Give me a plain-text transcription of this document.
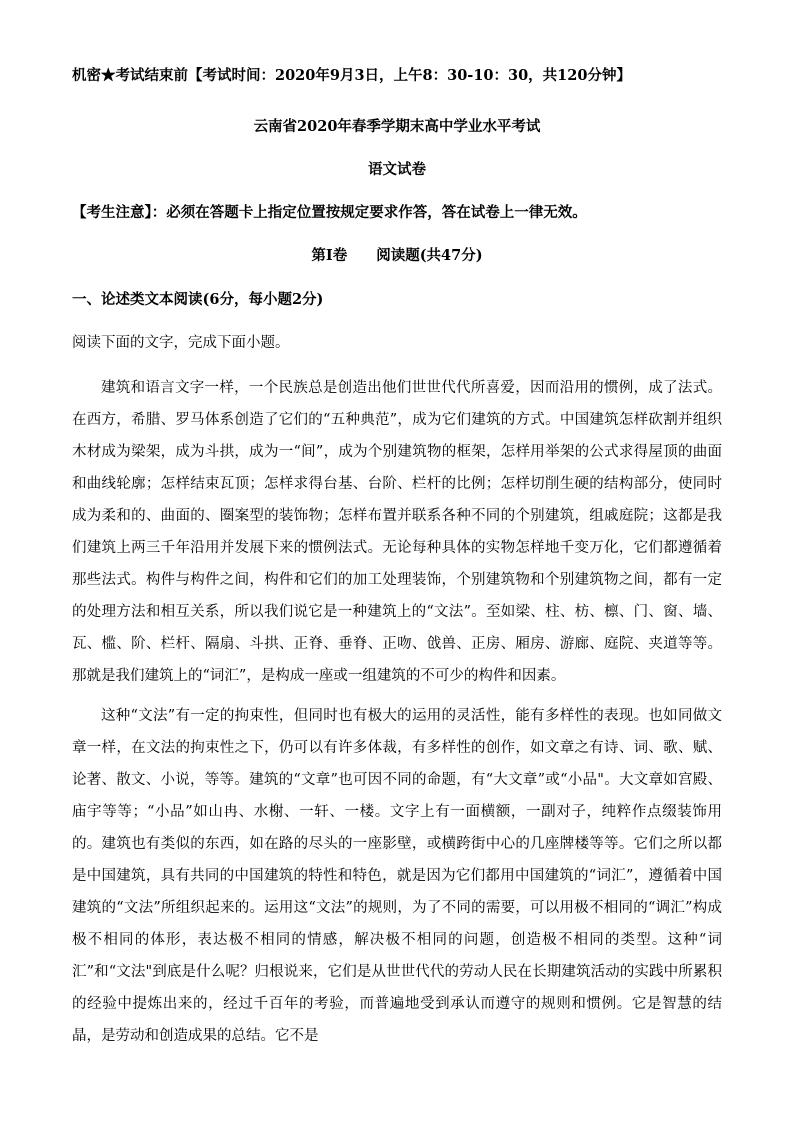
机密★考试结束前【考试时间：2020年9月3日，上午8：30-10：30，共120分钟】
云南省2020年春季学期末高中学业水平考试
语文试卷
【考生注意】：必须在答题卡上指定位置按规定要求作答，答在试卷上一律无效。
第Ⅰ卷　　阅读题(共47分)
一、论述类文本阅读(6分，每小题2分)
阅读下面的文字，完成下面小题。
建筑和语言文字一样，一个民族总是创造出他们世世代代所喜爱，因而沿用的惯例，成了法式。在西方，希腊、罗马体系创造了它们的“五种典范”，成为它们建筑的方式。中国建筑怎样砍割并组织木材成为梁架，成为斗拱，成为一“间”，成为个别建筑物的框架，怎样用举架的公式求得屋顶的曲面和曲线轮廓；怎样结束瓦顶；怎样求得台基、台阶、栏杆的比例；怎样切削生硬的结构部分，使同时成为柔和的、曲面的、圈案型的装饰物；怎样布置并联系各种不同的个别建筑，组戚庭院；这都是我们建筑上两三千年沿用并发展下来的惯例法式。无论每种具体的实物怎样地千变万化，它们都遵循着那些法式。构件与构件之间，构件和它们的加工处理装饰，个别建筑物和个别建筑物之间，都有一定的处理方法和相互关系，所以我们说它是一种建筑上的“文法”。至如梁、柱、枋、檩、门、窗、墙、瓦、槛、阶、栏杆、隔扇、斗拱、正脊、垂脊、正吻、戗兽、正房、厢房、游廊、庭院、夹道等等。那就是我们建筑上的“词汇”，是构成一座或一组建筑的不可少的构件和因素。
这种“文法”有一定的拘束性，但同时也有极大的运用的灵活性，能有多样性的表现。也如同做文章一样，在文法的拘束性之下，仍可以有许多体裁，有多样性的创作，如文章之有诗、词、歌、赋、论著、散文、小说，等等。建筑的“文章”也可因不同的命题，有“大文章”或“小品"。大文章如宫殿、庙宇等等；“小品”如山冉、水榭、一轩、一楼。文字上有一面横额，一副对子，纯粹作点缀装饰用的。建筑也有类似的东西，如在路的尽头的一座影壁，或横跨街中心的几座牌楼等等。它们之所以都是中国建筑，具有共同的中国建筑的特性和特色，就是因为它们都用中国建筑的“词汇”，遵循着中国建筑的“文法”所组织起来的。运用这“文法”的规则，为了不同的需要，可以用极不相同的“调汇”构成极不相同的体形，表达极不相同的情感，解决极不相同的问题，创造极不相同的类型。这种“词汇”和“文法"到底是什么呢？归根说来，它们是从世世代代的劳动人民在长期建筑活动的实践中所累积的经验中提炼出来的，经过千百年的考验，而普遍地受到承认而遵守的规则和惯例。它是智慧的结晶，是劳动和创造成果的总结。它不是
